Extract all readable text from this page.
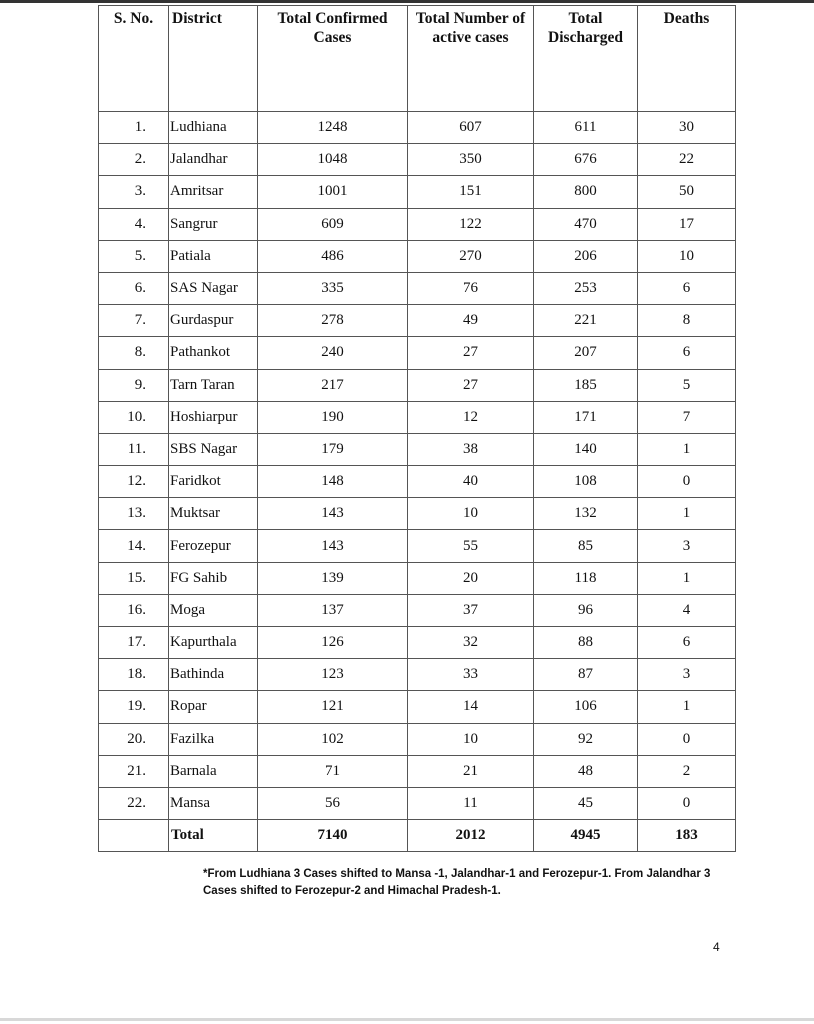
S. No.	District	Total Confirmed Cases	Total Number of active cases	Total Discharged	Deaths
1.	Ludhiana	1248	607	611	30
2.	Jalandhar	1048	350	676	22
3.	Amritsar	1001	151	800	50
4.	Sangrur	609	122	470	17
5.	Patiala	486	270	206	10
6.	SAS Nagar	335	76	253	6
7.	Gurdaspur	278	49	221	8
8.	Pathankot	240	27	207	6
9.	Tarn Taran	217	27	185	5
10.	Hoshiarpur	190	12	171	7
11.	SBS Nagar	179	38	140	1
12.	Faridkot	148	40	108	0
13.	Muktsar	143	10	132	1
14.	Ferozepur	143	55	85	3
15.	FG Sahib	139	20	118	1
16.	Moga	137	37	96	4
17.	Kapurthala	126	32	88	6
18.	Bathinda	123	33	87	3
19.	Ropar	121	14	106	1
20.	Fazilka	102	10	92	0
21.	Barnala	71	21	48	2
22.	Mansa	56	11	45	0
	Total	7140	2012	4945	183
*From Ludhiana 3 Cases shifted to Mansa -1, Jalandhar-1 and Ferozepur-1. From Jalandhar 3 Cases shifted to Ferozepur-2 and Himachal Pradesh-1.
4
